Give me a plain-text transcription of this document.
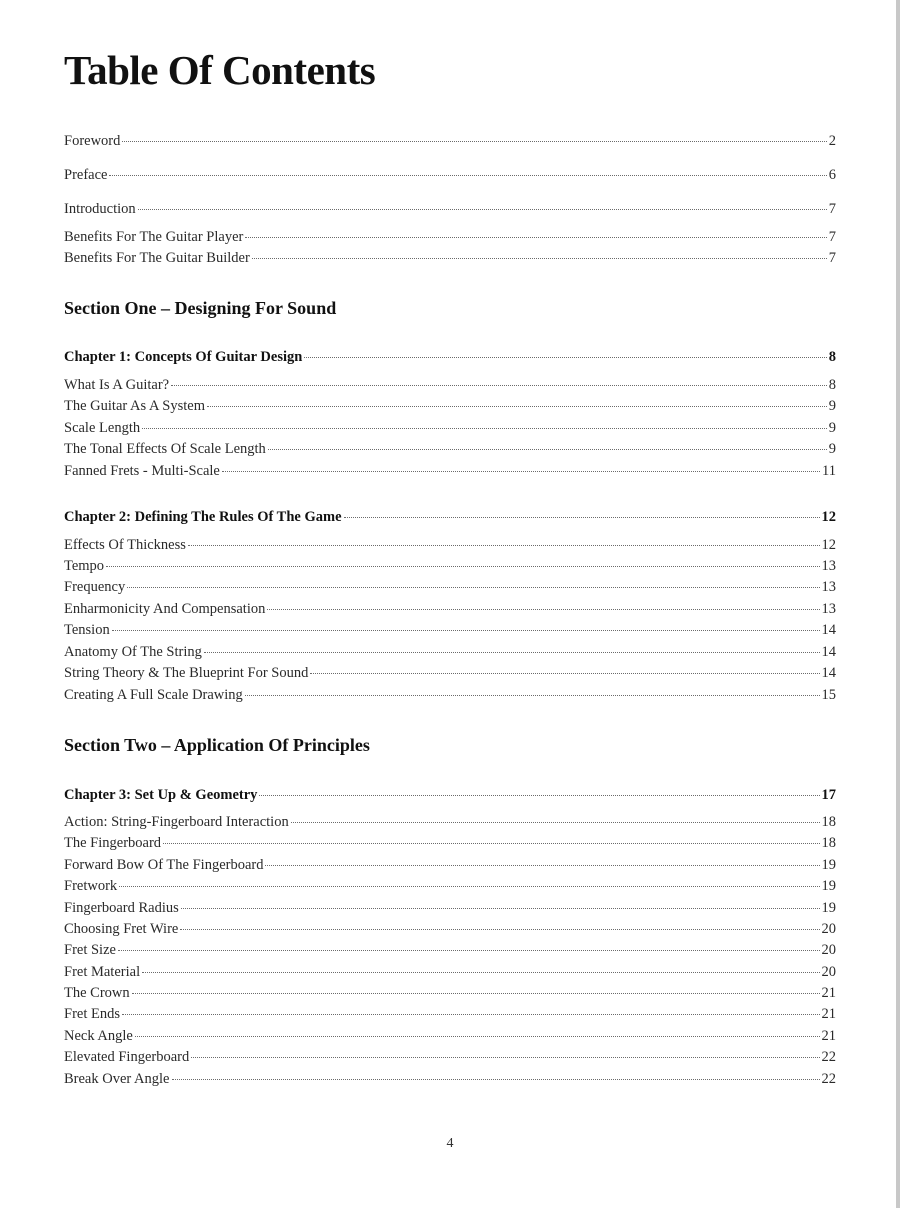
Table Of Contents
Foreword	2
Preface	6
Introduction	7
Benefits For The Guitar Player	7
Benefits For The Guitar Builder	7
Section One – Designing For Sound
Chapter 1: Concepts Of Guitar Design	8
What Is A Guitar?	8
The Guitar As A System	9
Scale Length	9
The Tonal Effects Of Scale Length	9
Fanned Frets - Multi-Scale	11
Chapter 2: Defining The Rules Of The Game	12
Effects Of Thickness	12
Tempo	13
Frequency	13
Enharmonicity And Compensation	13
Tension	14
Anatomy Of The String	14
String Theory & The Blueprint For Sound	14
Creating A Full Scale Drawing	15
Section Two – Application Of Principles
Chapter 3: Set Up & Geometry	17
Action: String-Fingerboard Interaction	18
The Fingerboard	18
Forward Bow Of The Fingerboard	19
Fretwork	19
Fingerboard Radius	19
Choosing Fret Wire	20
Fret Size	20
Fret Material	20
The Crown	21
Fret Ends	21
Neck Angle	21
Elevated Fingerboard	22
Break Over Angle	22
4
